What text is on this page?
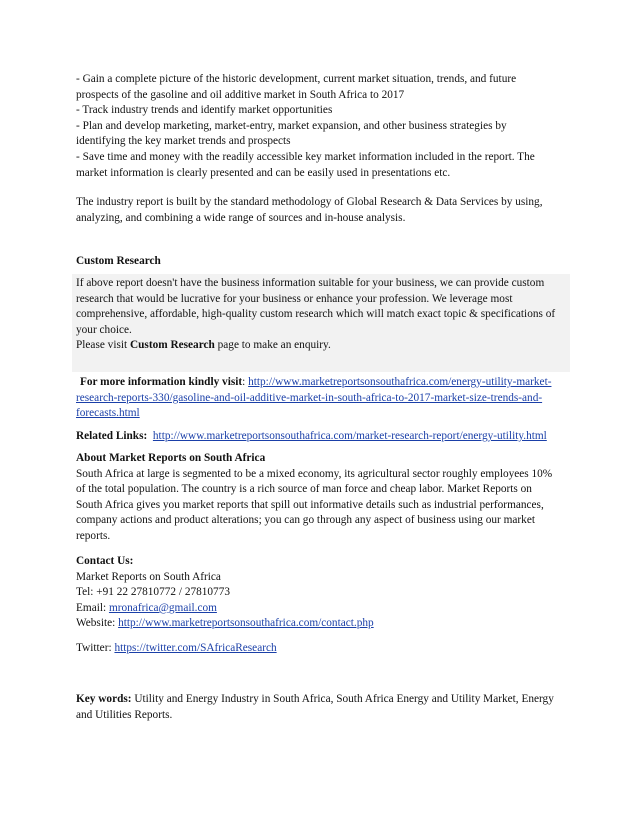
- Gain a complete picture of the historic development, current market situation, trends, and future
prospects of the gasoline and oil additive market in South Africa to 2017
- Track industry trends and identify market opportunities
- Plan and develop marketing, market-entry, market expansion, and other business strategies by
identifying the key market trends and prospects
- Save time and money with the readily accessible key market information included in the report. The
market information is clearly presented and can be easily used in presentations etc.
The industry report is built by the standard methodology of Global Research & Data Services by using,
analyzing, and combining a wide range of sources and in-house analysis.
Custom Research
If above report doesn't have the business information suitable for your business, we can provide custom
research that would be lucrative for your business or enhance your profession. We leverage most
comprehensive, affordable, high-quality custom research which will match exact topic & specifications of
your choice.
Please visit Custom Research page to make an enquiry.
For more information kindly visit: http://www.marketreportsonsouthafrica.com/energy-utility-market-
research-reports-330/gasoline-and-oil-additive-market-in-south-africa-to-2017-market-size-trends-and-
forecasts.html
Related Links: http://www.marketreportsonsouthafrica.com/market-research-report/energy-utility.html
About Market Reports on South Africa
South Africa at large is segmented to be a mixed economy, its agricultural sector roughly employees 10%
of the total population. The country is a rich source of man force and cheap labor. Market Reports on
South Africa gives you market reports that spill out informative details such as industrial performances,
company actions and product alterations; you can go through any aspect of business using our market
reports.
Contact Us:
Market Reports on South Africa
Tel: +91 22 27810772 / 27810773
Email: mronafrica@gmail.com
Website: http://www.marketreportsonsouthafrica.com/contact.php
Twitter: https://twitter.com/SAfricaResearch
Key words: Utility and Energy Industry in South Africa, South Africa Energy and Utility Market, Energy
and Utilities Reports.
